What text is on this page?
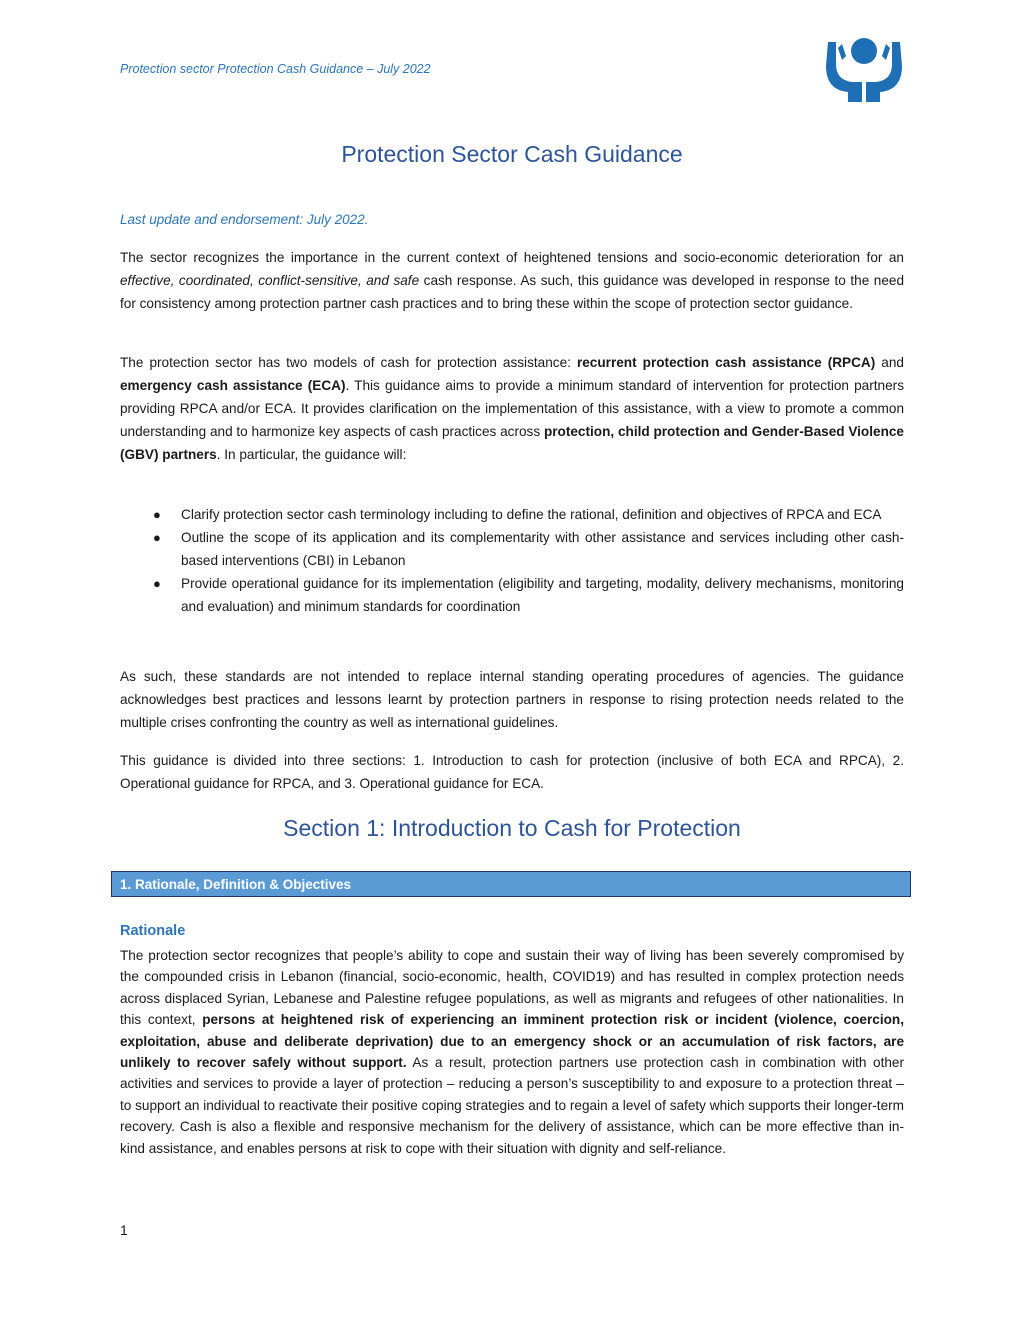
Protection sector Protection Cash Guidance – July 2022
Protection Sector Cash Guidance
Last update and endorsement: July 2022.
The sector recognizes the importance in the current context of heightened tensions and socio-economic deterioration for an effective, coordinated, conflict-sensitive, and safe cash response. As such, this guidance was developed in response to the need for consistency among protection partner cash practices and to bring these within the scope of protection sector guidance.
The protection sector has two models of cash for protection assistance: recurrent protection cash assistance (RPCA) and emergency cash assistance (ECA). This guidance aims to provide a minimum standard of intervention for protection partners providing RPCA and/or ECA. It provides clarification on the implementation of this assistance, with a view to promote a common understanding and to harmonize key aspects of cash practices across protection, child protection and Gender-Based Violence (GBV) partners. In particular, the guidance will:
● Clarify protection sector cash terminology including to define the rational, definition and objectives of RPCA and ECA
● Outline the scope of its application and its complementarity with other assistance and services including other cash-based interventions (CBI) in Lebanon
● Provide operational guidance for its implementation (eligibility and targeting, modality, delivery mechanisms, monitoring and evaluation) and minimum standards for coordination
As such, these standards are not intended to replace internal standing operating procedures of agencies. The guidance acknowledges best practices and lessons learnt by protection partners in response to rising protection needs related to the multiple crises confronting the country as well as international guidelines.
This guidance is divided into three sections: 1. Introduction to cash for protection (inclusive of both ECA and RPCA), 2. Operational guidance for RPCA, and 3. Operational guidance for ECA.
Section 1: Introduction to Cash for Protection
1. Rationale, Definition & Objectives
Rationale
The protection sector recognizes that people’s ability to cope and sustain their way of living has been severely compromised by the compounded crisis in Lebanon (financial, socio-economic, health, COVID19) and has resulted in complex protection needs across displaced Syrian, Lebanese and Palestine refugee populations, as well as migrants and refugees of other nationalities. In this context, persons at heightened risk of experiencing an imminent protection risk or incident (violence, coercion, exploitation, abuse and deliberate deprivation) due to an emergency shock or an accumulation of risk factors, are unlikely to recover safely without support. As a result, protection partners use protection cash in combination with other activities and services to provide a layer of protection – reducing a person’s susceptibility to and exposure to a protection threat – to support an individual to reactivate their positive coping strategies and to regain a level of safety which supports their longer-term recovery. Cash is also a flexible and responsive mechanism for the delivery of assistance, which can be more effective than in-kind assistance, and enables persons at risk to cope with their situation with dignity and self-reliance.
1
